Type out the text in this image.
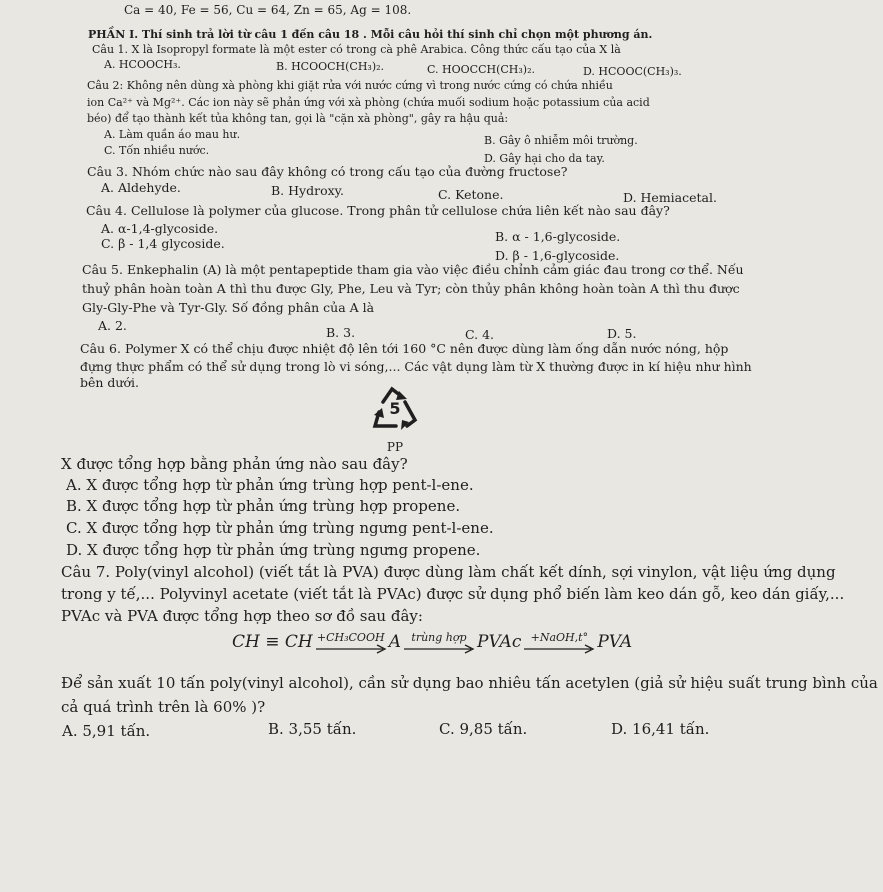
Ca = 40, Fe = 56, Cu = 64, Zn = 65, Ag = 108.
PHẦN I. Thí sinh trả lời từ câu 1 đến câu 18 . Mỗi câu hỏi thí sinh chỉ chọn một phương án.
Câu 1. X là Isopropyl formate là một ester có trong cà phê Arabica. Công thức cấu tạo của X là
A. HCOOCH₃.	B. HCOOCH(CH₃)₂.	C. HOOCCH(CH₃)₂.	D. HCOOC(CH₃)₃.
Câu 2: Không nên dùng xà phòng khi giặt rửa với nước cứng vì trong nước cứng có chứa nhiều
ion Ca²⁺ và Mg²⁺. Các ion này sẽ phản ứng với xà phòng (chứa muối sodium hoặc potassium của acid
béo) để tạo thành kết tủa không tan, gọi là "cặn xà phòng", gây ra hậu quả:
A. Làm quần áo mau hư.	B. Gây ô nhiễm môi trường.
C. Tốn nhiều nước.
D. Gây hại cho da tay.
Câu 3. Nhóm chức nào sau đây không có trong cấu tạo của đường fructose?
A. Aldehyde.	B. Hydroxy.	C. Ketone.	D. Hemiacetal.
Câu 4. Cellulose là polymer của glucose. Trong phân tử cellulose chứa liên kết nào sau đây?
A. α-1,4-glycoside.
B. α - 1,6-glycoside.
C. β - 1,4 glycoside.
D. β - 1,6-glycoside.
Câu 5. Enkephalin (A) là một pentapeptide tham gia vào việc điều chỉnh cảm giác đau trong cơ thể. Nếu
thuỷ phân hoàn toàn A thì thu được Gly, Phe, Leu và Tyr; còn thủy phân không hoàn toàn A thì thu được
Gly-Gly-Phe và Tyr-Gly. Số đồng phân của A là
A. 2.	B. 3.	C. 4.	D. 5.
Câu 6. Polymer X có thể chịu được nhiệt độ lên tới 160 °C nên được dùng làm ống dẫn nước nóng, hộp
đựng thực phẩm có thể sử dụng trong lò vi sóng,... Các vật dụng làm từ X thường được in kí hiệu như hình
bên dưới.
5
PP
X được tổng hợp bằng phản ứng nào sau đây?
A. X được tổng hợp từ phản ứng trùng hợp pent-l-ene.
B. X được tổng hợp từ phản ứng trùng hợp propene.
C. X được tổng hợp từ phản ứng trùng ngưng pent-l-ene.
D. X được tổng hợp từ phản ứng trùng ngưng propene.
Câu 7. Poly(vinyl alcohol) (viết tắt là PVA) được dùng làm chất kết dính, sợi vinylon, vật liệu ứng dụng
trong y tế,... Polyvinyl acetate (viết tắt là PVAc) được sử dụng phổ biến làm keo dán gỗ, keo dán giấy,...
PVAc và PVA được tổng hợp theo sơ đồ sau đây:
CH ≡ CH +CH₃COOH A trùng hợp PVAc +NaOH,t° PVA
Để sản xuất 10 tấn poly(vinyl alcohol), cần sử dụng bao nhiêu tấn acetylen (giả sử hiệu suất trung bình của
cả quá trình trên là 60% )?
A. 5,91 tấn.	B. 3,55 tấn.	C. 9,85 tấn.	D. 16,41 tấn.
